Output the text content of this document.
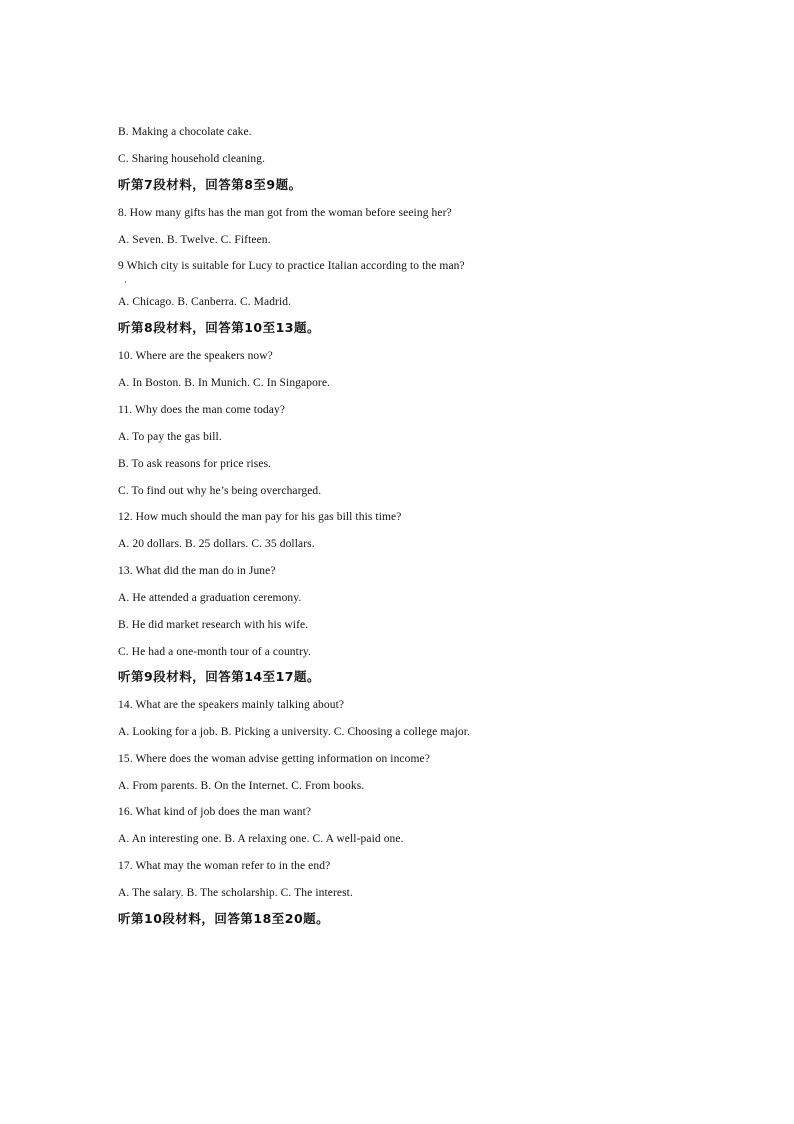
B. Making a chocolate cake.
C. Sharing household cleaning.
听第7段材料，回答第8至9题。
8. How many gifts has the man got from the woman before seeing her?
A. Seven. B. Twelve. C. Fifteen.
9 Which city is suitable for Lucy to practice Italian according to the man?
·
A. Chicago. B. Canberra. C. Madrid.
听第8段材料，回答第10至13题。
10. Where are the speakers now?
A. In Boston. B. In Munich. C. In Singapore.
11. Why does the man come today?
A. To pay the gas bill.
B. To ask reasons for price rises.
C. To find out why he’s being overcharged.
12. How much should the man pay for his gas bill this time?
A. 20 dollars. B. 25 dollars. C. 35 dollars.
13. What did the man do in June?
A. He attended a graduation ceremony.
B. He did market research with his wife.
C. He had a one-month tour of a country.
听第9段材料，回答第14至17题。
14. What are the speakers mainly talking about?
A. Looking for a job. B. Picking a university. C. Choosing a college major.
15. Where does the woman advise getting information on income?
A. From parents. B. On the Internet. C. From books.
16. What kind of job does the man want?
A. An interesting one. B. A relaxing one. C. A well-paid one.
17. What may the woman refer to in the end?
A. The salary. B. The scholarship. C. The interest.
听第10段材料，回答第18至20题。
